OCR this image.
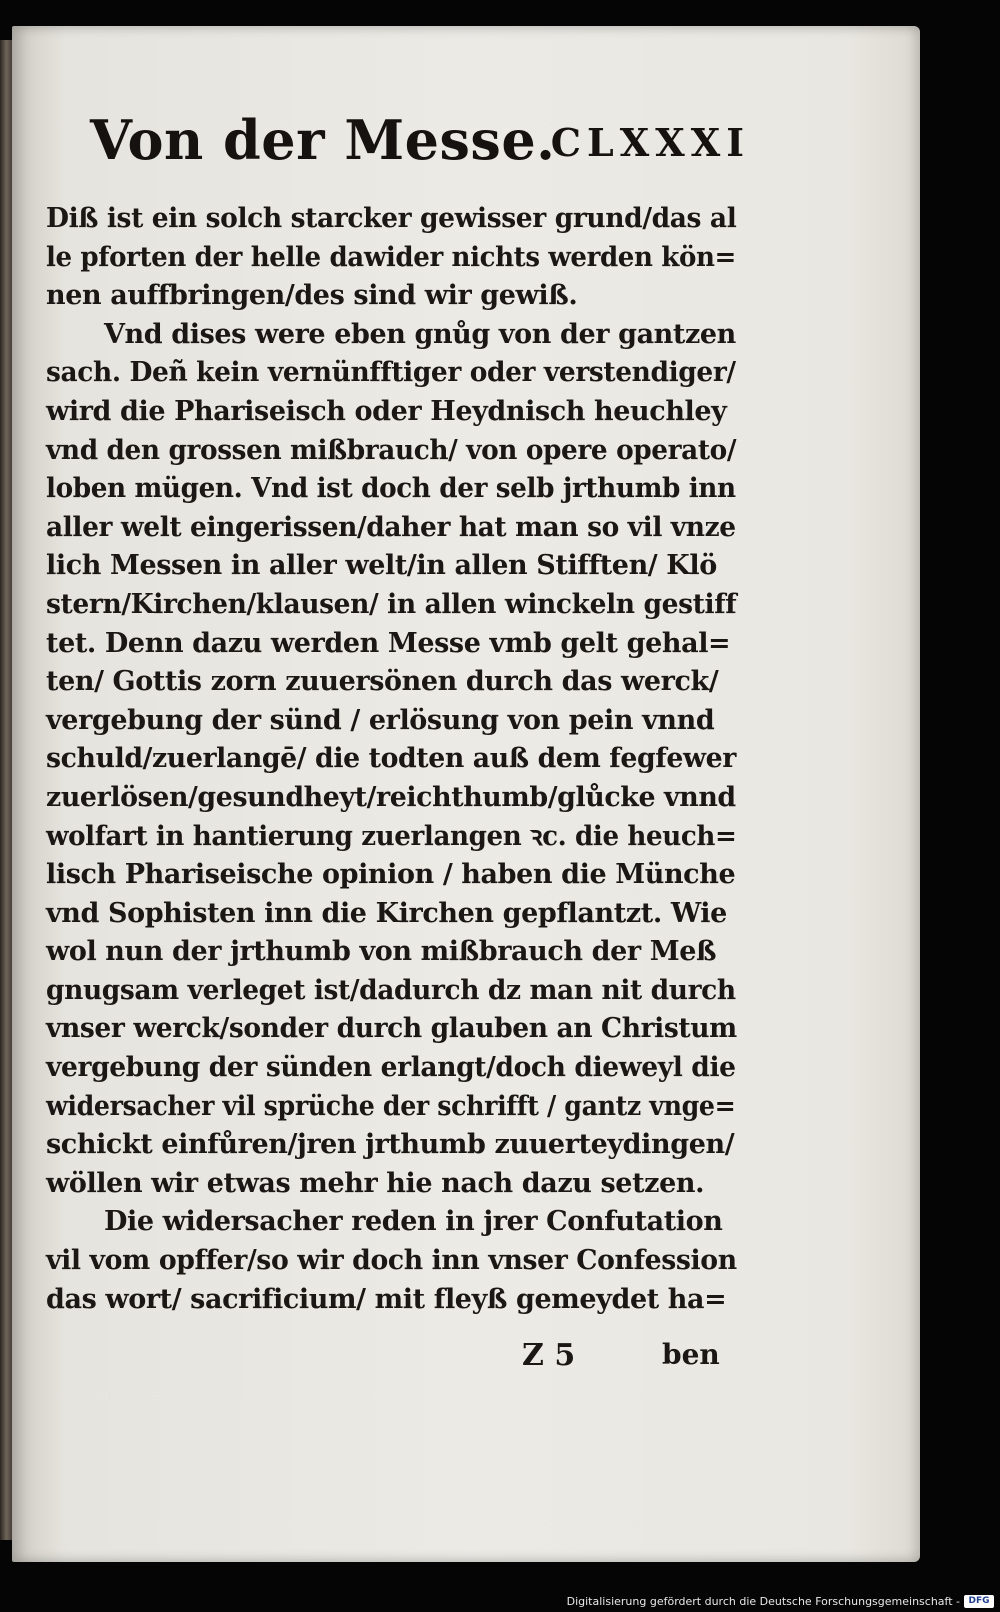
Von der Messe.
CLXXXI
Diß ist ein solch starcker gewisser grund/das al
le pforten der helle dawider nichts werden kön=
nen auffbringen/des sind wir gewiß.
Vnd dises were eben gnůg von der gantzen
sach. Deñ kein vernünfftiger oder verstendiger/
wird die Phariseisch oder Heydnisch heuchley
vnd den grossen mißbrauch/ von opere operato/
loben mügen. Vnd ist doch der selb jrthumb inn
aller welt eingerissen/daher hat man so vil vnze
lich Messen in aller welt/in allen Stifften/ Klö
stern/Kirchen/klausen/ in allen winckeln gestiff
tet. Denn dazu werden Messe vmb gelt gehal=
ten/ Gottis zorn zuuersönen durch das werck/
vergebung der sünd / erlösung von pein vnnd
schuld/zuerlangē/ die todten auß dem fegfewer
zuerlösen/gesundheyt/reichthumb/glůcke vnnd
wolfart in hantierung zuerlangen ꝛc. die heuch=
lisch Phariseische opinion / haben die Münche
vnd Sophisten inn die Kirchen gepflantzt. Wie
wol nun der jrthumb von mißbrauch der Meß
gnugsam verleget ist/dadurch dz man nit durch
vnser werck/sonder durch glauben an Christum
vergebung der sünden erlangt/doch dieweyl die
widersacher vil sprüche der schrifft / gantz vnge=
schickt einfůren/jren jrthumb zuuerteydingen/
wöllen wir etwas mehr hie nach dazu setzen.
Die widersacher reden in jrer Confutation
vil vom opffer/so wir doch inn vnser Confession
das wort/ sacrificium/ mit fleyß gemeydet ha=
Z 5	ben
Digitalisierung gefördert durch die Deutsche Forschungsgemeinschaft - DFG
